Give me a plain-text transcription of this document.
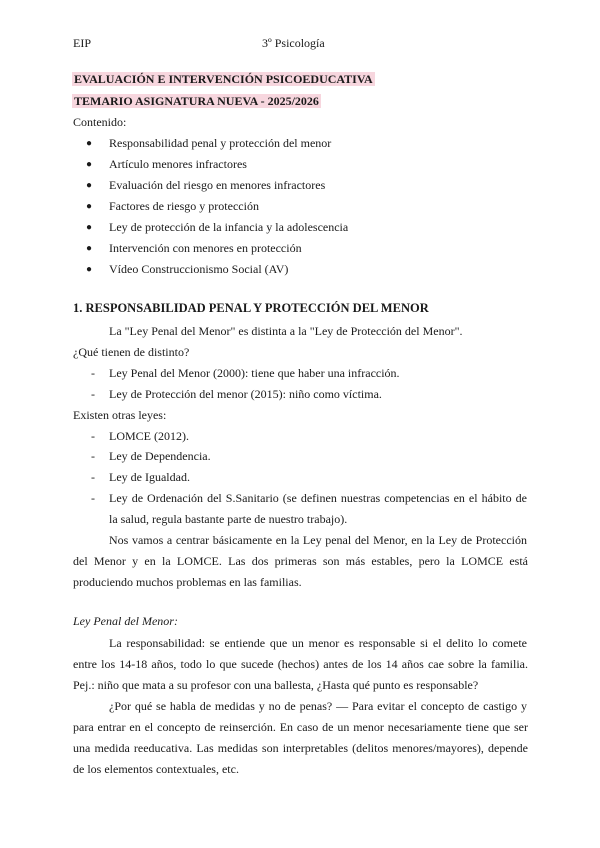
EIP	3º Psicología
EVALUACIÓN E INTERVENCIÓN PSICOEDUCATIVA
TEMARIO ASIGNATURA NUEVA - 2025/2026
Contenido:
● Responsabilidad penal y protección del menor
● Artículo menores infractores
● Evaluación del riesgo en menores infractores
● Factores de riesgo y protección
● Ley de protección de la infancia y la adolescencia
● Intervención con menores en protección
● Vídeo Construccionismo Social (AV)
1. RESPONSABILIDAD PENAL Y PROTECCIÓN DEL MENOR
La "Ley Penal del Menor" es distinta a la "Ley de Protección del Menor".
¿Qué tienen de distinto?
- Ley Penal del Menor (2000): tiene que haber una infracción.
- Ley de Protección del menor (2015): niño como víctima.
Existen otras leyes:
- LOMCE (2012).
- Ley de Dependencia.
- Ley de Igualdad.
- Ley de Ordenación del S.Sanitario (se definen nuestras competencias en el hábito de
la salud, regula bastante parte de nuestro trabajo).
Nos vamos a centrar básicamente en la Ley penal del Menor, en la Ley de Protección
del Menor y en la LOMCE. Las dos primeras son más estables, pero la LOMCE está
produciendo muchos problemas en las familias.
Ley Penal del Menor:
La responsabilidad: se entiende que un menor es responsable si el delito lo comete
entre los 14-18 años, todo lo que sucede (hechos) antes de los 14 años cae sobre la familia.
Pej.: niño que mata a su profesor con una ballesta, ¿Hasta qué punto es responsable?
¿Por qué se habla de medidas y no de penas? — Para evitar el concepto de castigo y
para entrar en el concepto de reinserción. En caso de un menor necesariamente tiene que ser
una medida reeducativa. Las medidas son interpretables (delitos menores/mayores), depende
de los elementos contextuales, etc.
